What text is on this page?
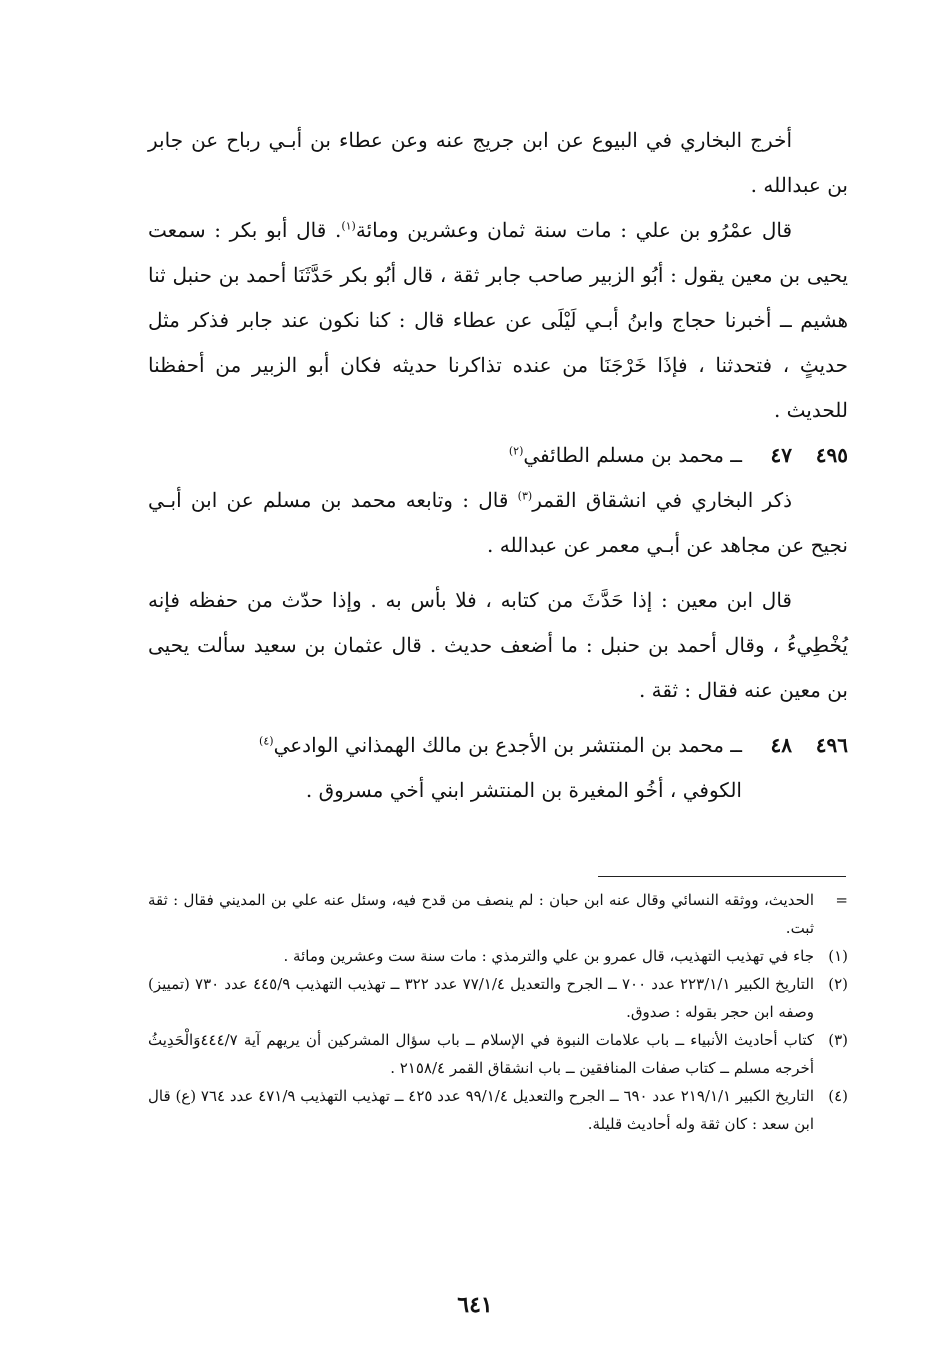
أخرج البخاري في البيوع عن ابن جريج عنه وعن عطاء بن أبـي رباح عن جابر بن عبدالله .

قال عمْرُو بن علي : مات سنة ثمان وعشرين ومائة$^{(١)}$. قال أبو بكر : سمعت يحيى بن معين يقول : أبُو الزبير صاحب جابر ثقة ، قال أبُو بكر حَدَّثَنَا أحمد بن حنبل ثنا هشيم ــ أخبرنا حجاج وابنُ أبـي لَيْلَى عن عطاء قال : كنا نكون عند جابر فذكر مثل حديثٍ ، فتحدثنا ، فإذَا خَرْجَنَا من عنده تذاكرنا حديثه فكان أبو الزبير من أحفظنا للحديث .

٤٩٥
٤٧
ــ محمد بن مسلم الطائفي$^{(٢)}$

ذكر البخاري في انشقاق القمر$^{(٣)}$ قال : وتابعه محمد بن مسلم عن ابن أبـي نجيح عن مجاهد عن أبـي معمر عن عبدالله .

قال ابن معين : إذا حَدَّثَ من كتابه ، فلا بأس به . وإذا حدّث من حفظه فإنه يُخْطِيءُ ، وقال أحمد بن حنبل : ما أضعف حديث . قال عثمان بن سعيد سألت يحيى بن معين عنه فقال : ثقة .

٤٩٦
٤٨
ــ محمد بن المنتشر بن الأجدع بن مالك الهمذاني الوادعي$^{(٤)}$

الكوفي ، أخُو المغيرة بن المنتشر ابني أخي مسروق .

=
الحديث، ووثقه النسائي وقال عنه ابن حبان : لم ينصف من قدح فيه، وسئل عنه علي بن المديني فقال : ثقة ثبت.
(١)
جاء في تهذيب التهذيب، قال عمرو بن علي والترمذي : مات سنة ست وعشرين ومائة .
(٢)
التاريخ الكبير ٢٢٣/١/١ عدد ٧٠٠ ــ الجرح والتعديل ٧٧/١/٤ عدد ٣٢٢ ــ تهذيب التهذيب ٤٤٥/٩ عدد ٧٣٠ (تمييز) وصفه ابن حجر بقوله : صدوق.
(٣)
كتاب أحاديث الأنبياء ــ باب علامات النبوة في الإسلام ــ باب سؤال المشركين أن يريهم آية ٤٤٤/٧وَالْحَدِيثُ أخرجه مسلم ــ كتاب صفات المنافقين ــ باب انشقاق القمر ٢١٥٨/٤ .
(٤)
التاريخ الكبير ٢١٩/١/١ عدد ٦٩٠ ــ الجرح والتعديل ٩٩/١/٤ عدد ٤٢٥ ــ تهذيب التهذيب ٤٧١/٩ عدد ٧٦٤ (ع) قال ابن سعد : كان ثقة وله أحاديث قليلة.
٦٤١
